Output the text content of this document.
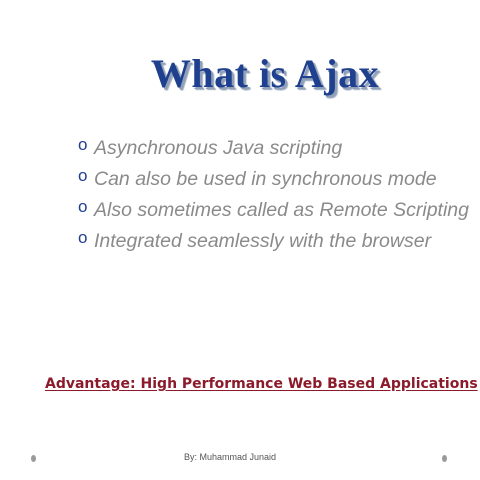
What is Ajax
o Asynchronous Java scripting
o Can also be used in synchronous mode
o Also sometimes called as Remote Scripting
o Integrated seamlessly with the browser
Advantage: High Performance Web Based Applications
By: Muhammad Junaid
